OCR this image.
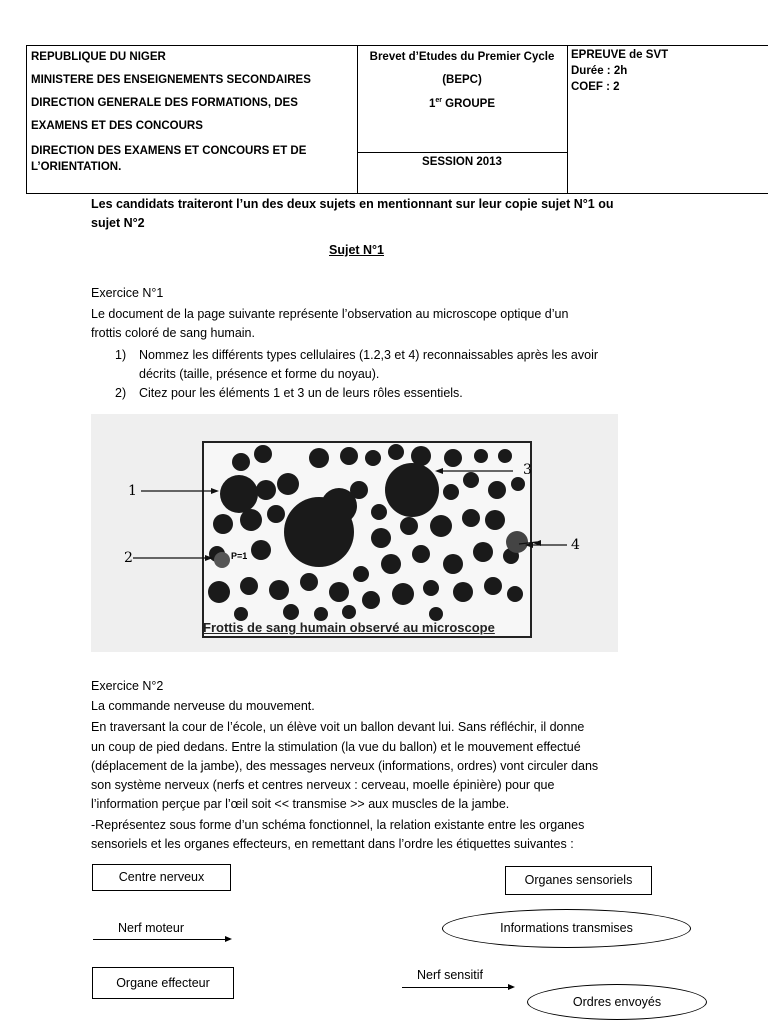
REPUBLIQUE DU NIGER
MINISTERE DES ENSEIGNEMENTS SECONDAIRES
DIRECTION GENERALE DES FORMATIONS, DES
EXAMENS ET DES CONCOURS
DIRECTION DES EXAMENS ET CONCOURS ET DE
L’ORIENTATION.
Brevet d’Etudes du Premier Cycle
(BEPC)
1er GROUPE
SESSION 2013
EPREUVE de SVT
Durée : 2h
COEF : 2
Les candidats traiteront l’un des deux sujets en mentionnant sur leur copie sujet N°1 ou
sujet N°2
Sujet N°1
Exercice N°1
Le document de la page suivante représente l’observation au microscope optique d’un
frottis coloré de sang humain.
1) Nommez les différents types cellulaires (1.2,3 et 4) reconnaissables après les avoir
décrits (taille, présence et forme du noyau).
2) Citez pour les éléments 1 et 3 un de leurs rôles essentiels.
1
2
3
4
P=1
Frottis de sang humain observé au microscope
Exercice N°2
La commande nerveuse du mouvement.
En traversant la cour de l’école, un élève voit un ballon devant lui. Sans réfléchir, il donne
un coup de pied dedans. Entre la stimulation (la vue du ballon) et le mouvement effectué
(déplacement de la jambe), des messages nerveux (informations, ordres) vont circuler dans
son système nerveux (nerfs et centres nerveux : cerveau, moelle épinière) pour que
l’information perçue par l’œil soit << transmise >> aux muscles de la jambe.
-Représentez sous forme d’un schéma fonctionnel, la relation existante entre les organes
sensoriels et les organes effecteurs, en remettant dans l’ordre les étiquettes suivantes :
Centre nerveux	Organes sensoriels
Nerf moteur	Informations transmises
Organe effecteur
Nerf sensitif
Ordres envoyés
